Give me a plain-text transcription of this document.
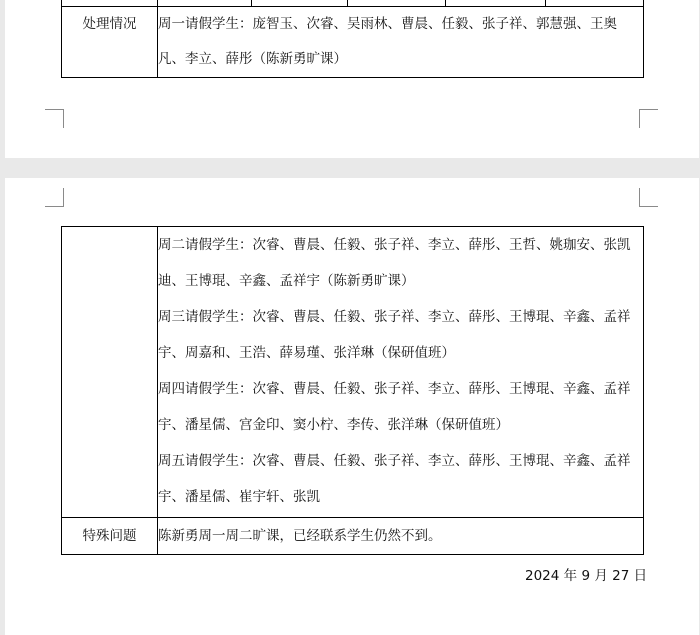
处理情况	周一请假学生：庞智玉、次睿、吴雨林、曹晨、任毅、张子祥、郭慧强、王奥凡、李立、薛彤（陈新勇旷课）				

	周二请假学生：次睿、曹晨、任毅、张子祥、李立、薛彤、王哲、姚珈安、张凯迪、王博琨、辛鑫、孟祥宇（陈新勇旷课）

周三请假学生：次睿、曹晨、任毅、张子祥、李立、薛彤、王博琨、辛鑫、孟祥宇、周嘉和、王浩、薛易瑾、张洋琳（保研值班）

周四请假学生：次睿、曹晨、任毅、张子祥、李立、薛彤、王博琨、辛鑫、孟祥宇、潘星儒、宫金印、窦小柠、李传、张洋琳（保研值班）

周五请假学生：次睿、曹晨、任毅、张子祥、李立、薛彤、王博琨、辛鑫、孟祥宇、潘星儒、崔宇轩、张凯

特殊问题	陈新勇周一周二旷课，已经联系学生仍然不到。

2024 年 9 月 27 日
